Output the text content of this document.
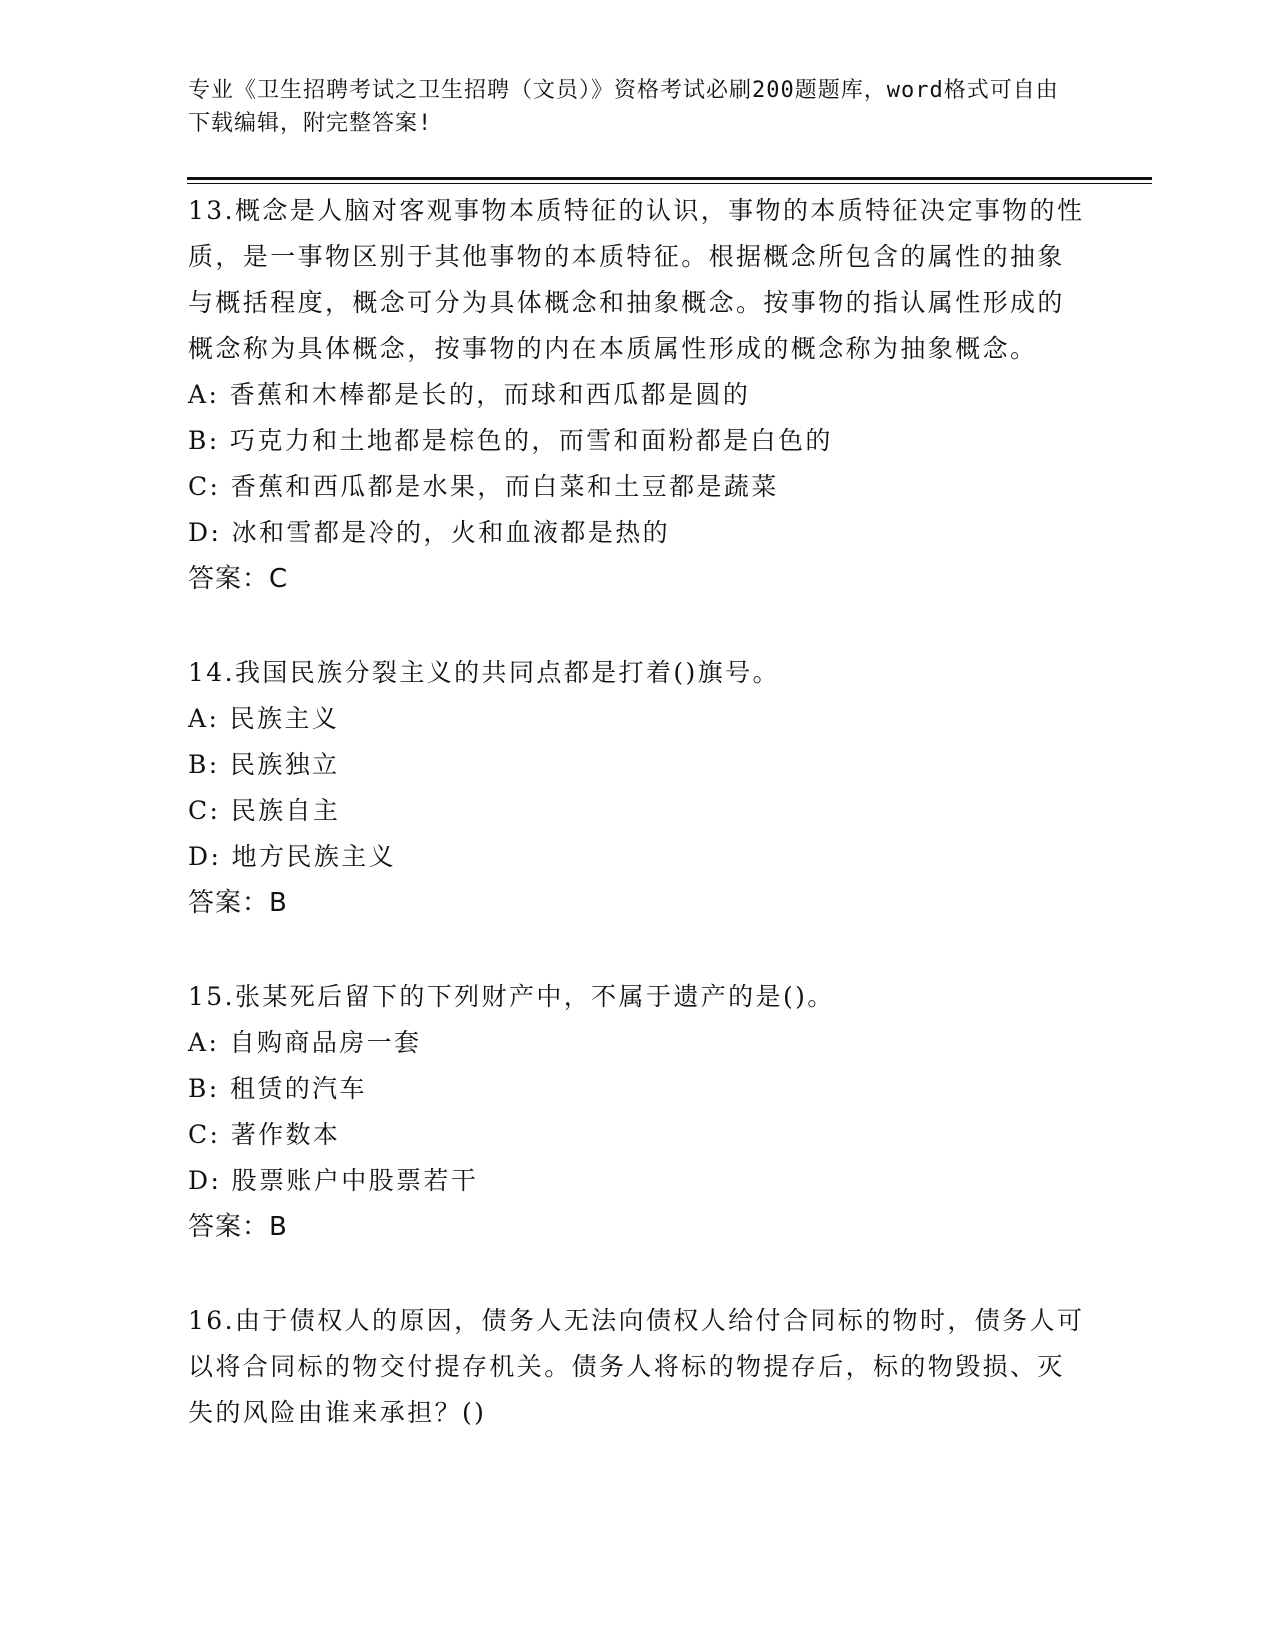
专业《卫生招聘考试之卫生招聘（文员）》资格考试必刷200题题库，word格式可自由下载编辑，附完整答案!
13.概念是人脑对客观事物本质特征的认识，事物的本质特征决定事物的性质，是一事物区别于其他事物的本质特征。根据概念所包含的属性的抽象与概括程度，概念可分为具体概念和抽象概念。按事物的指认属性形成的概念称为具体概念，按事物的内在本质属性形成的概念称为抽象概念。
A: 香蕉和木棒都是长的，而球和西瓜都是圆的
B: 巧克力和土地都是棕色的，而雪和面粉都是白色的
C: 香蕉和西瓜都是水果，而白菜和土豆都是蔬菜
D: 冰和雪都是冷的，火和血液都是热的
答案：C
14.我国民族分裂主义的共同点都是打着()旗号。
A: 民族主义
B: 民族独立
C: 民族自主
D: 地方民族主义
答案：B
15.张某死后留下的下列财产中，不属于遗产的是()。
A: 自购商品房一套
B: 租赁的汽车
C: 著作数本
D: 股票账户中股票若干
答案：B
16.由于债权人的原因，债务人无法向债权人给付合同标的物时，债务人可以将合同标的物交付提存机关。债务人将标的物提存后，标的物毁损、灭失的风险由谁来承担？()
